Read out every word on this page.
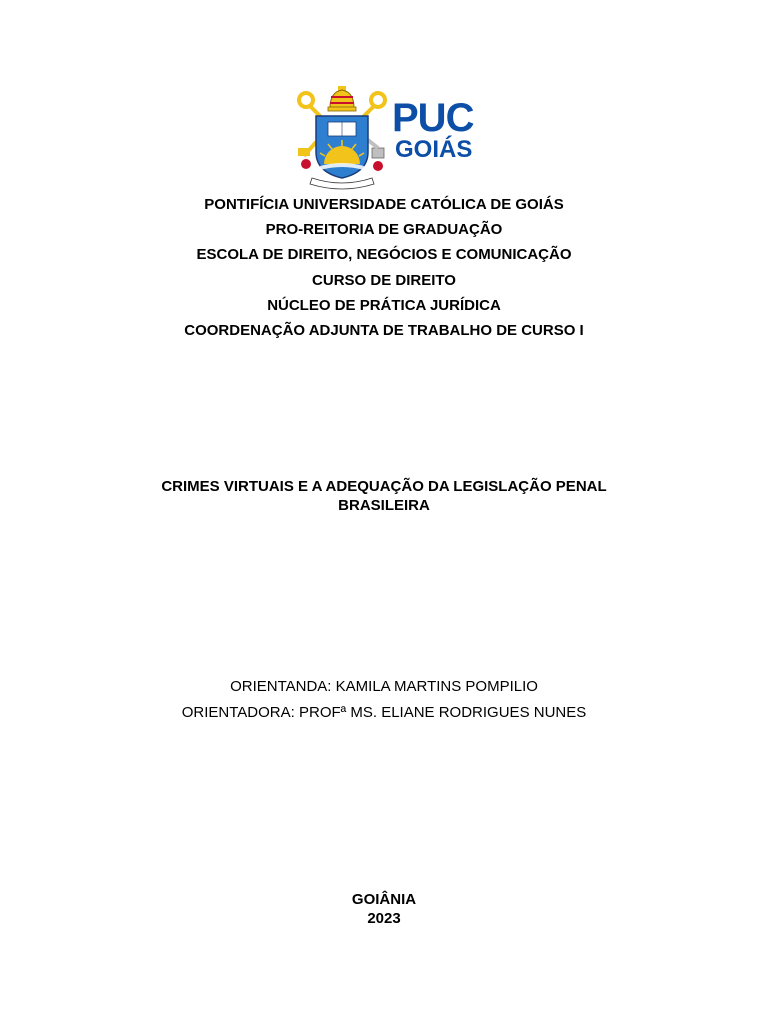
PUC
GOIÁS
PONTIFÍCIA UNIVERSIDADE CATÓLICA DE GOIÁS
PRO-REITORIA DE GRADUAÇÃO
ESCOLA DE DIREITO, NEGÓCIOS E COMUNICAÇÃO
CURSO DE DIREITO
NÚCLEO DE PRÁTICA JURÍDICA
COORDENAÇÃO ADJUNTA DE TRABALHO DE CURSO I
CRIMES VIRTUAIS E A ADEQUAÇÃO DA LEGISLAÇÃO PENAL
BRASILEIRA
ORIENTANDA: KAMILA MARTINS POMPILIO
ORIENTADORA: PROFª MS. ELIANE RODRIGUES NUNES
GOIÂNIA
2023
